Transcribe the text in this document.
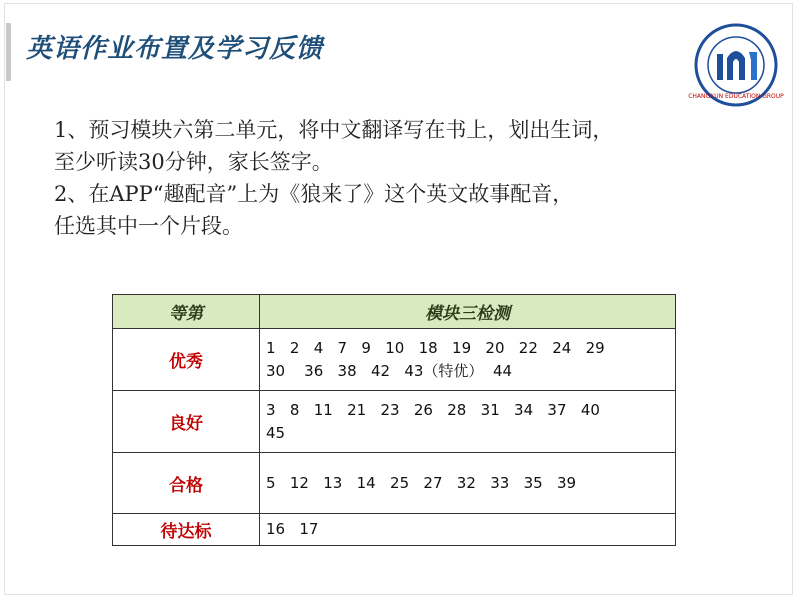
英语作业布置及学习反馈
CHANGXUN EDUCATION GROUP

1、预习模块六第二单元，将中文翻译写在书上，划出生词，

至少听读30分钟，家长签字。

2、在APP“趣配音”上为《狼来了》这个英文故事配音，

任选其中一个片段。

等第	模块三检测
优秀	1   2   4   7   9   10   18   19   20   22   24   29
30    36   38   42   43（特优）  44

良好	3   8   11   21   23   26   28   31   34   37   40
45

合格	5   12   13   14   25   27   32   33   35   39

待达标	16   17
